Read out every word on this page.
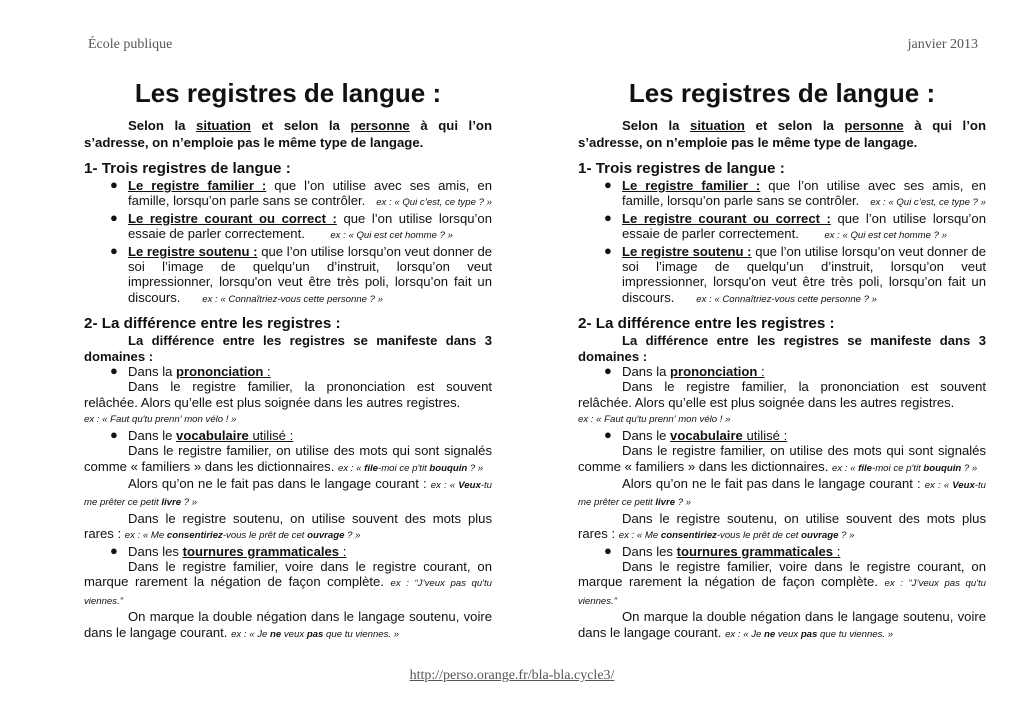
École publique	janvier 2013
Les registres de langue :

Selon la situation et selon la personne à qui l’on s’adresse, on n’emploie pas le même type de langage.

1- Trois registres de langue :

● Le registre familier : que l’on utilise avec ses amis, en famille, lorsqu’on parle sans se contrôler. ex : « Qui c’est, ce type ? »

● Le registre courant ou correct : que l’on utilise lorsqu’on essaie de parler correctement.	ex : « Qui est cet homme ? »

● Le registre soutenu : que l’on utilise lorsqu’on veut donner de soi l’image de quelqu’un d’instruit, lorsqu’on veut impressionner, lorsqu'on veut être très poli, lorsqu’on fait un discours. ex : « Connaîtriez-vous cette personne ? »

2- La différence entre les registres :

La différence entre les registres se manifeste dans 3 domaines :

● Dans la prononciation :

Dans le registre familier, la prononciation est souvent relâchée. Alors qu’elle est plus soignée dans les autres registres.

ex : « Faut qu'tu prenn' mon vélo ! »

● Dans le vocabulaire utilisé :

Dans le registre familier, on utilise des mots qui sont signalés comme « familiers » dans les dictionnaires. ex : « file-moi ce p'tit bouquin ? »

Alors qu’on ne le fait pas dans le langage courant : ex : « Veux-tu me prêter ce petit livre ? »

Dans le registre soutenu, on utilise souvent des mots plus rares : ex : « Me consentiriez-vous le prêt de cet ouvrage ? »

● Dans les tournures grammaticales :

Dans le registre familier, voire dans le registre courant, on marque rarement la négation de façon complète. ex : “J’veux pas qu'tu viennes.”

On marque la double négation dans le langage soutenu, voire dans le langage courant. ex : « Je ne veux pas que tu viennes. »

Les registres de langue :

Selon la situation et selon la personne à qui l’on s’adresse, on n’emploie pas le même type de langage.

1- Trois registres de langue :

● Le registre familier : que l’on utilise avec ses amis, en famille, lorsqu’on parle sans se contrôler. ex : « Qui c’est, ce type ? »

● Le registre courant ou correct : que l’on utilise lorsqu’on essaie de parler correctement.	ex : « Qui est cet homme ? »

● Le registre soutenu : que l’on utilise lorsqu’on veut donner de soi l’image de quelqu’un d’instruit, lorsqu’on veut impressionner, lorsqu'on veut être très poli, lorsqu’on fait un discours. ex : « Connaîtriez-vous cette personne ? »

2- La différence entre les registres :

La différence entre les registres se manifeste dans 3 domaines :

● Dans la prononciation :

Dans le registre familier, la prononciation est souvent relâchée. Alors qu’elle est plus soignée dans les autres registres.

ex : « Faut qu'tu prenn' mon vélo ! »

● Dans le vocabulaire utilisé :

Dans le registre familier, on utilise des mots qui sont signalés comme « familiers » dans les dictionnaires. ex : « file-moi ce p'tit bouquin ? »

Alors qu’on ne le fait pas dans le langage courant : ex : « Veux-tu me prêter ce petit livre ? »

Dans le registre soutenu, on utilise souvent des mots plus rares : ex : « Me consentiriez-vous le prêt de cet ouvrage ? »

● Dans les tournures grammaticales :

Dans le registre familier, voire dans le registre courant, on marque rarement la négation de façon complète. ex : “J’veux pas qu'tu viennes.”

On marque la double négation dans le langage soutenu, voire dans le langage courant. ex : « Je ne veux pas que tu viennes. »

http://perso.orange.fr/bla-bla.cycle3/
